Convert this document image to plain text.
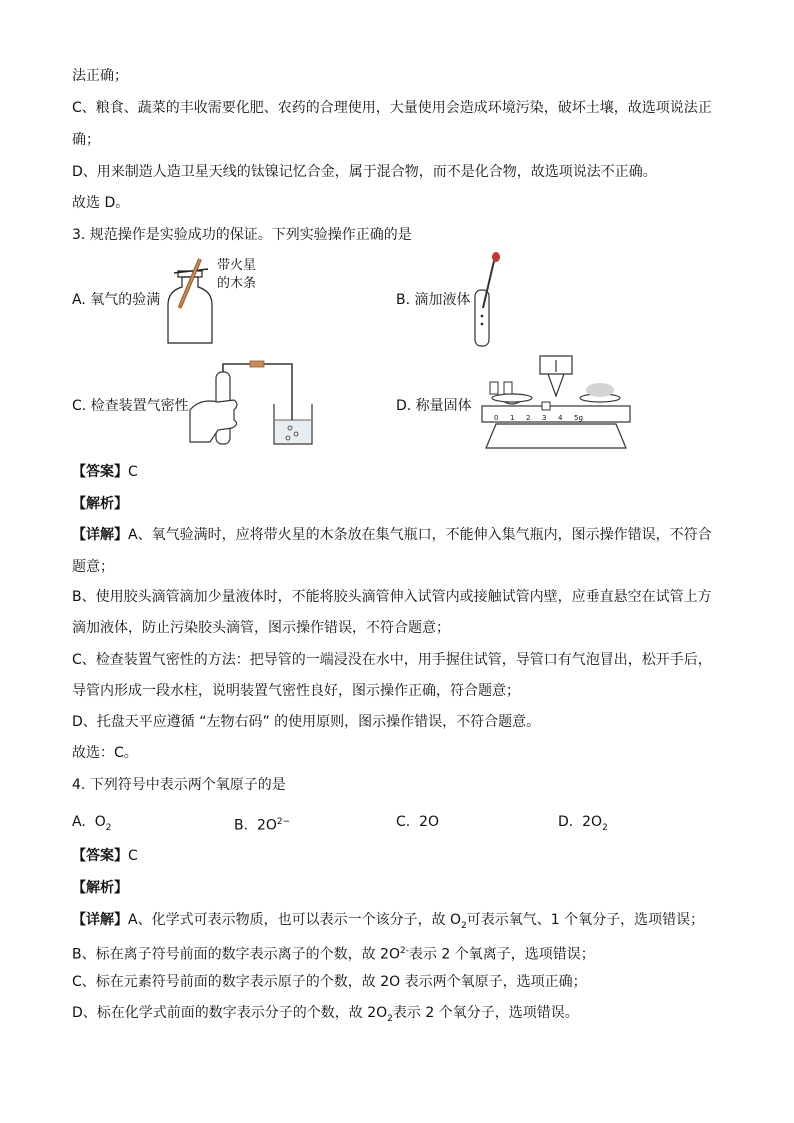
法正确；
C、粮食、蔬菜的丰收需要化肥、农药的合理使用，大量使用会造成环境污染，破坏土壤，故选项说法正
确；
D、用来制造人造卫星天线的钛镍记忆合金，属于混合物，而不是化合物，故选项说法不正确。
故选 D。
3. 规范操作是实验成功的保证。下列实验操作正确的是
A. 氧气的验满
带火星
的木条
B. 滴加液体
C. 检查装置气密性	D. 称量固体
0 1 2 3 4 5g
【答案】C
【解析】
【详解】A、氧气验满时，应将带火星的木条放在集气瓶口，不能伸入集气瓶内，图示操作错误，不符合
题意；
B、使用胶头滴管滴加少量液体时，不能将胶头滴管伸入试管内或接触试管内壁，应垂直悬空在试管上方
滴加液体，防止污染胶头滴管，图示操作错误，不符合题意；
C、检查装置气密性的方法：把导管的一端浸没在水中，用手握住试管，导管口有气泡冒出，松开手后，
导管内形成一段水柱，说明装置气密性良好，图示操作正确，符合题意；
D、托盘天平应遵循 “左物右码” 的使用原则，图示操作错误，不符合题意。
故选：C。
4. 下列符号中表示两个氧原子的是
A. $O_2$	B. $2O^{2-}$	C. 2O	D. $2O_2$
【答案】C
【解析】
【详解】A、化学式可表示物质，也可以表示一个该分子，故 $O_2$可表示氧气、1 个氧分子，选项错误；
B、标在离子符号前面的数字表示离子的个数，故 $2O^{2-}$表示 2 个氧离子，选项错误；
C、标在元素符号前面的数字表示原子的个数，故 2O 表示两个氧原子，选项正确；
D、标在化学式前面的数字表示分子的个数，故 $2O_2$表示 2 个氧分子，选项错误。
